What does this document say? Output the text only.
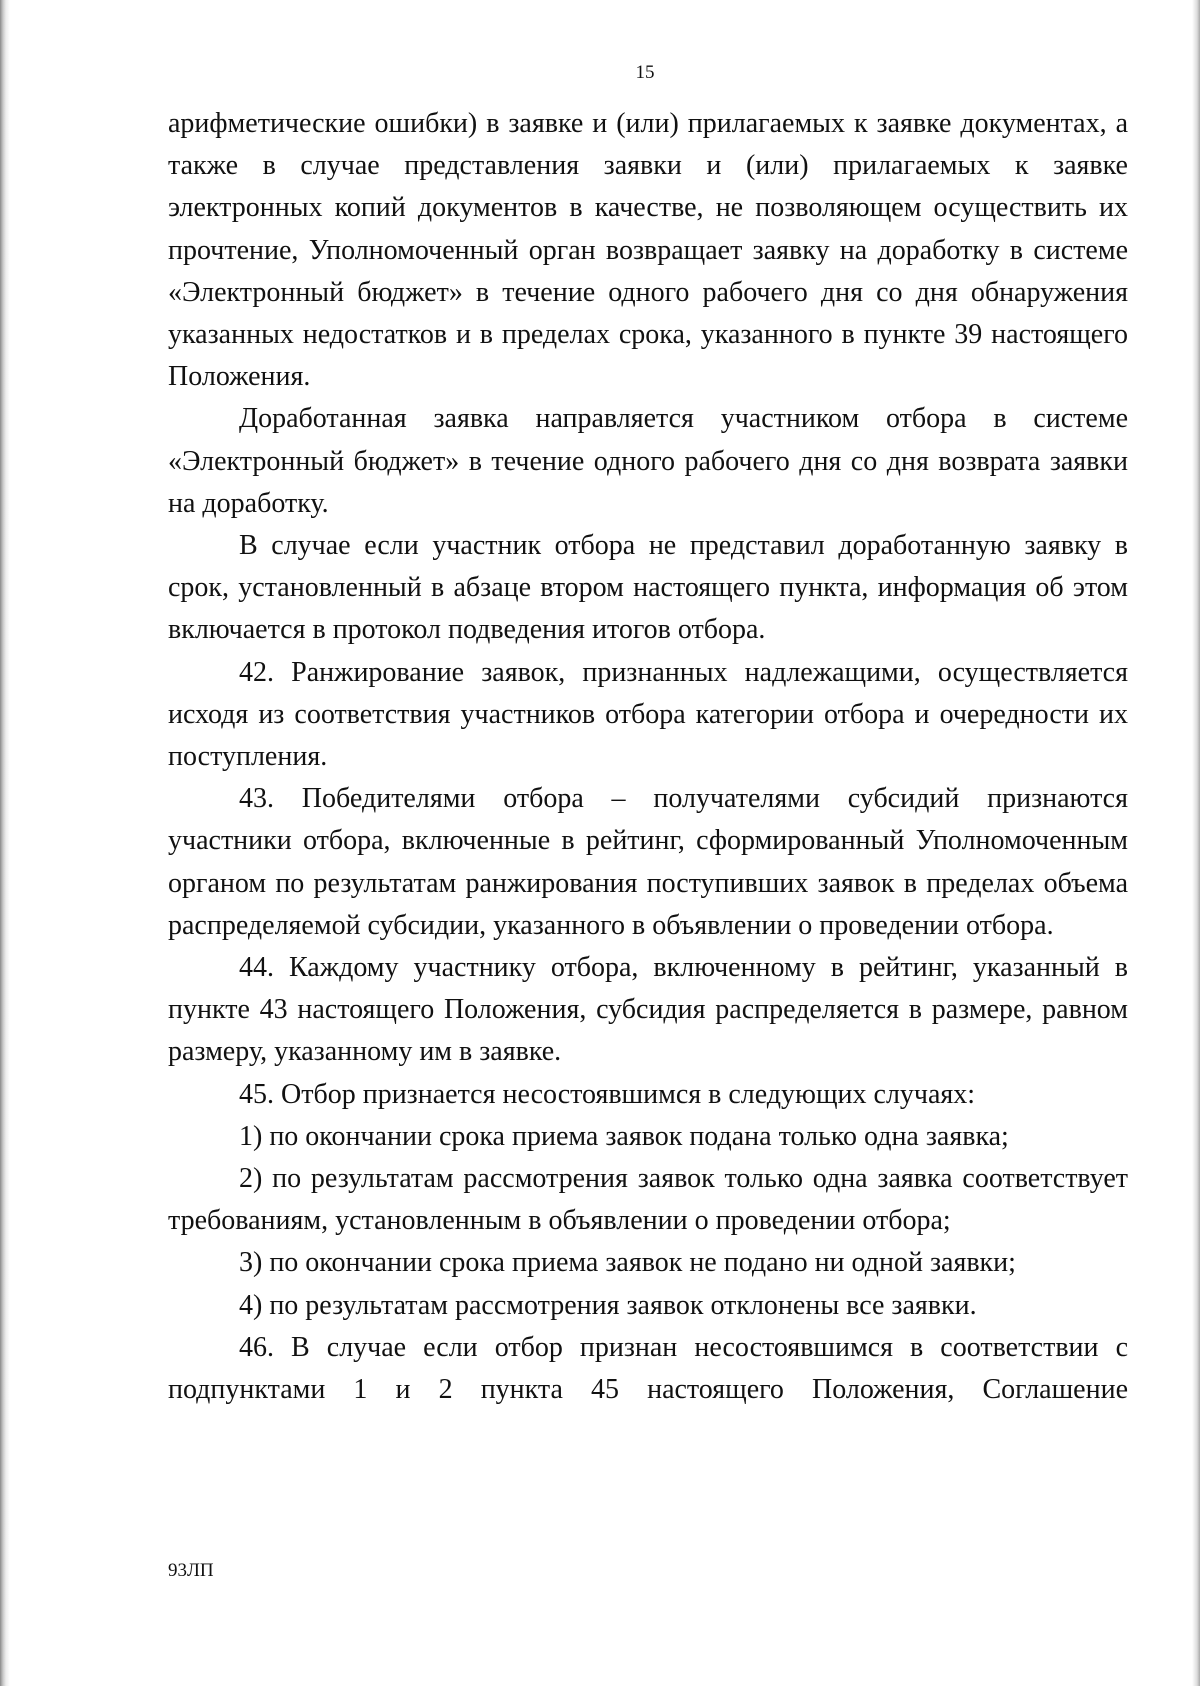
15

арифметические ошибки) в заявке и (или) прилагаемых к заявке документах, а также в случае представления заявки и (или) прилагаемых к заявке электронных копий документов в качестве, не позволяющем осуществить их прочтение, Уполномоченный орган возвращает заявку на доработку в системе «Электронный бюджет» в течение одного рабочего дня со дня обнаружения указанных недостатков и в пределах срока, указанного в пункте 39 настоящего Положения.

Доработанная заявка направляется участником отбора в системе «Электронный бюджет» в течение одного рабочего дня со дня возврата заявки на доработку.

В случае если участник отбора не представил доработанную заявку в срок, установленный в абзаце втором настоящего пункта, информация об этом включается в протокол подведения итогов отбора.

42. Ранжирование заявок, признанных надлежащими, осуществляется исходя из соответствия участников отбора категории отбора и очередности их поступления.

43. Победителями отбора – получателями субсидий признаются участники отбора, включенные в рейтинг, сформированный Уполномоченным органом по результатам ранжирования поступивших заявок в пределах объема распределяемой субсидии, указанного в объявлении о проведении отбора.

44. Каждому участнику отбора, включенному в рейтинг, указанный в пункте 43 настоящего Положения, субсидия распределяется в размере, равном размеру, указанному им в заявке.

45. Отбор признается несостоявшимся в следующих случаях:

1) по окончании срока приема заявок подана только одна заявка;

2) по результатам рассмотрения заявок только одна заявка соответствует требованиям, установленным в объявлении о проведении отбора;

3) по окончании срока приема заявок не подано ни одной заявки;

4) по результатам рассмотрения заявок отклонены все заявки.

46. В случае если отбор признан несостоявшимся в соответствии с подпунктами 1 и 2 пункта 45 настоящего Положения, Соглашение

93ЛП
